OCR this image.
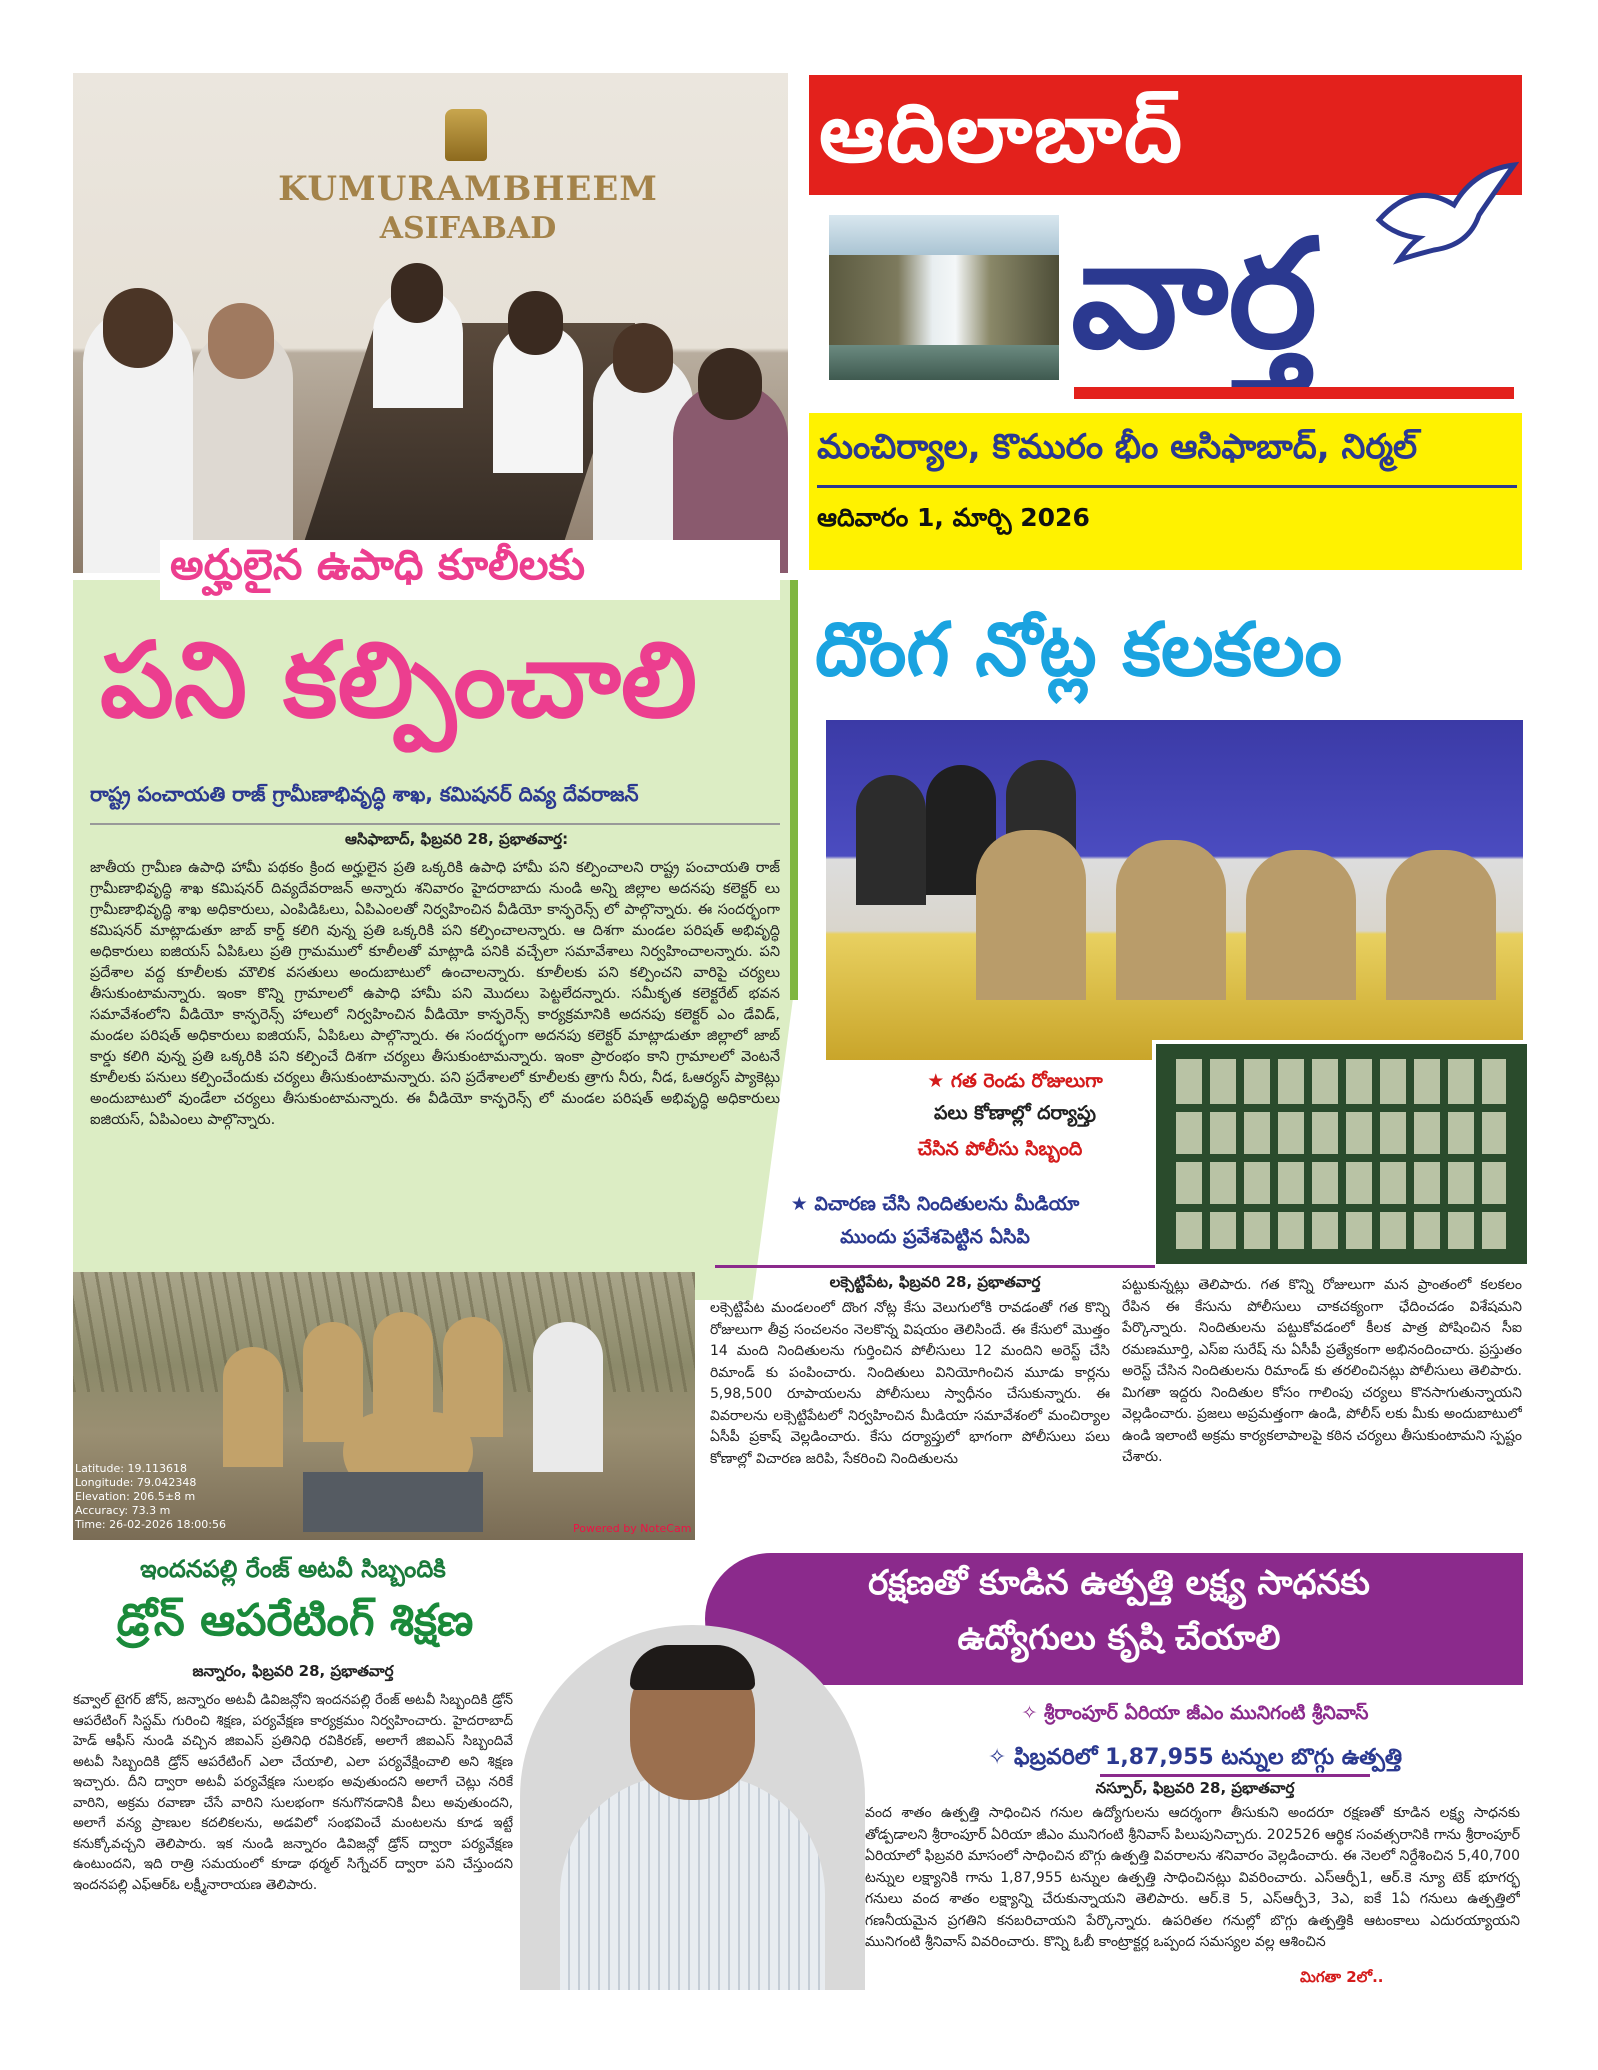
KUMURAMBHEEM
ASIFABAD
ఆదిలాబాద్
వార్త
మంచిర్యాల, కొమురం భీం ఆసిఫాబాద్, నిర్మల్
ఆదివారం 1, మార్చి 2026
అర్హులైన ఉపాధి కూలీలకు
పని కల్పించాలి
రాష్ట్ర పంచాయతి రాజ్ గ్రామీణాభివృద్ధి శాఖ, కమిషనర్ దివ్య దేవరాజన్
ఆసిఫాబాద్, ఫిబ్రవరి 28, ప్రభాతవార్త:
జాతీయ గ్రామీణ ఉపాధి హామీ పథకం క్రింద అర్హులైన ప్రతి ఒక్కరికి ఉపాధి హామీ పని కల్పించాలని రాష్ట్ర పంచాయతి రాజ్ గ్రామీణాభివృద్ధి శాఖ కమిషనర్ దివ్యదేవరాజన్ అన్నారు శనివారం హైదరాబాదు నుండి అన్ని జిల్లాల అదనపు కలెక్టర్ లు గ్రామీణాభివృద్ధి శాఖ అధికారులు, ఎంపిడిఓలు, ఏపిఎంలతో నిర్వహించిన వీడియో కాన్ఫరెన్స్ లో పాల్గొన్నారు. ఈ సందర్భంగా కమిషనర్ మాట్లాడుతూ జాబ్ కార్డ్ కలిగి వున్న ప్రతి ఒక్కరికి పని కల్పించాలన్నారు. ఆ దిశగా మండల పరిషత్ అభివృద్ధి అధికారులు ఐజియస్ ఏపిఓలు ప్రతి గ్రామములో కూలీలతో మాట్లాడి పనికి వచ్చేలా సమావేశాలు నిర్వహించాలన్నారు. పని ప్రదేశాల వద్ద కూలీలకు మౌలిక వసతులు అందుబాటులో ఉంచాలన్నారు. కూలీలకు పని కల్పించని వారిపై చర్యలు తీసుకుంటామన్నారు. ఇంకా కొన్ని గ్రామాలలో ఉపాధి హామీ పని మొదలు పెట్టలేదన్నారు. సమీకృత కలెక్టరేట్ భవన సమావేశంలోని వీడియో కాన్ఫరెన్స్ హాలులో నిర్వహించిన వీడియో కాన్ఫరెన్స్ కార్యక్రమానికి అదనపు కలెక్టర్ ఎం డేవిడ్, మండల పరిషత్ అధికారులు ఐజియస్, ఏపిఓలు పాల్గొన్నారు. ఈ సందర్భంగా అదనపు కలెక్టర్ మాట్లాడుతూ జిల్లాలో జాబ్ కార్డు కలిగి వున్న ప్రతి ఒక్కరికి పని కల్పించే దిశగా చర్యలు తీసుకుంటామన్నారు. ఇంకా ప్రారంభం కాని గ్రామాలలో వెంటనే కూలీలకు పనులు కల్పించేందుకు చర్యలు తీసుకుంటామన్నారు. పని ప్రదేశాలలో కూలీలకు త్రాగు నీరు, నీడ, ఓఆర్యస్ ప్యాకెట్లు అందుబాటులో వుండేలా చర్యలు తీసుకుంటామన్నారు. ఈ వీడియో కాన్ఫరెన్స్ లో మండల పరిషత్ అభివృద్ధి అధికారులు ఐజియస్, ఏపిఎంలు పాల్గొన్నారు.
దొంగ నోట్ల కలకలం
★ గత రెండు రోజులుగా
పలు కోణాల్లో దర్యాప్తు
చేసిన పోలీసు సిబ్బంది
★ విచారణ చేసి నిందితులను మీడియా
ముందు ప్రవేశపెట్టిన ఏసిపి
లక్సెట్టిపేట, ఫిబ్రవరి 28, ప్రభాతవార్త
లక్సెట్టిపేట మండలంలో దొంగ నోట్ల కేసు వెలుగులోకి రావడంతో గత కొన్ని రోజులుగా తీవ్ర సంచలనం నెలకొన్న విషయం తెలిసిందే. ఈ కేసులో మొత్తం 14 మంది నిందితులను గుర్తించిన పోలీసులు 12 మందిని అరెస్ట్ చేసి రిమాండ్ కు పంపించారు. నిందితులు వినియోగించిన మూడు కార్లను 5,98,500 రూపాయలను పోలీసులు స్వాధీనం చేసుకున్నారు. ఈ వివరాలను లక్సెట్టిపేటలో నిర్వహించిన మీడియా సమావేశంలో మంచిర్యాల ఏసీపీ ప్రకాష్ వెల్లడించారు. కేసు దర్యాప్తులో భాగంగా పోలీసులు పలు కోణాల్లో విచారణ జరిపి, సేకరించి నిందితులను
పట్టుకున్నట్లు తెలిపారు. గత కొన్ని రోజులుగా మన ప్రాంతంలో కలకలం రేపిన ఈ కేసును పోలీసులు చాకచక్యంగా ఛేదించడం విశేషమని పేర్కొన్నారు. నిందితులను పట్టుకోవడంలో కీలక పాత్ర పోషించిన సీఐ రమణమూర్తి, ఎస్ఐ సురేష్ ను ఏసీపీ ప్రత్యేకంగా అభినందించారు. ప్రస్తుతం అరెస్ట్ చేసిన నిందితులను రిమాండ్ కు తరలించినట్లు పోలీసులు తెలిపారు. మిగతా ఇద్దరు నిందితుల కోసం గాలింపు చర్యలు కొనసాగుతున్నాయని వెల్లడించారు. ప్రజలు అప్రమత్తంగా ఉండి, పోలీస్ లకు మీకు అందుబాటులో ఉండి ఇలాంటి అక్రమ కార్యకలాపాలపై కఠిన చర్యలు తీసుకుంటామని స్పష్టం చేశారు.
Latitude: 19.113618
Longitude: 79.042348
Elevation: 206.5±8 m
Accuracy: 73.3 m
Time: 26-02-2026 18:00:56	Powered by NoteCam
ఇందనపల్లి రేంజ్ అటవీ సిబ్బందికి
డ్రోన్ ఆపరేటింగ్ శిక్షణ
జన్నారం, ఫిబ్రవరి 28, ప్రభాతవార్త
కవ్వాల్ టైగర్ జోన్, జన్నారం అటవీ డివిజన్లోని ఇందనపల్లి రేంజ్ అటవీ సిబ్బందికి డ్రోన్ ఆపరేటింగ్ సిస్టమ్ గురించి శిక్షణ, పర్యవేక్షణ కార్యక్రమం నిర్వహించారు. హైదరాబాద్ హెడ్ ఆఫీస్ నుండి వచ్చిన జిఐఎస్ ప్రతినిధి రవికిరణ్, అలాగే జిఐఎస్ సిబ్బందివే అటవీ సిబ్బందికి డ్రోన్ ఆపరేటింగ్ ఎలా చేయాలి, ఎలా పర్యవేక్షించాలి అని శిక్షణ ఇచ్చారు. దీని ద్వారా అటవీ పర్యవేక్షణ సులభం అవుతుందని అలాగే చెట్లు నరికే వారిని, అక్రమ రవాణా చేసే వారిని సులభంగా కనుగొనడానికి వీలు అవుతుందని, అలాగే వన్య ప్రాణుల కదలికలను, అడవిలో సంభవించే మంటలను కూడ ఇట్టే కనుక్కోవచ్చని తెలిపారు. ఇక నుండి జన్నారం డివిజన్లో డ్రోన్ ద్వారా పర్యవేక్షణ ఉంటుందని, ఇది రాత్రి సమయంలో కూడా థర్మల్ సిగ్నేచర్ ద్వారా పని చేస్తుందని ఇందనపల్లి ఎఫ్ఆర్ఓ లక్ష్మీనారాయణ తెలిపారు.
రక్షణతో కూడిన ఉత్పత్తి లక్ష్య సాధనకు
ఉద్యోగులు కృషి చేయాలి
✧ శ్రీరాంపూర్ ఏరియా జీఎం మునిగంటి శ్రీనివాస్
✧ ఫిబ్రవరిలో 1,87,955 టన్నుల బొగ్గు ఉత్పత్తి
నస్పూర్, ఫిబ్రవరి 28, ప్రభాతవార్త
వంద శాతం ఉత్పత్తి సాధించిన గనుల ఉద్యోగులను ఆదర్శంగా తీసుకుని అందరూ రక్షణతో కూడిన లక్ష్య సాధనకు తోడ్పడాలని శ్రీరాంపూర్ ఏరియా జీఎం మునిగంటి శ్రీనివాస్ పిలుపునిచ్చారు. 202526 ఆర్థిక సంవత్సరానికి గాను శ్రీరాంపూర్ ఏరియాలో ఫిబ్రవరి మాసంలో సాధించిన బొగ్గు ఉత్పత్తి వివరాలను శనివారం వెల్లడించారు. ఈ నెలలో నిర్దేశించిన 5,40,700 టన్నుల లక్ష్యానికి గాను 1,87,955 టన్నుల ఉత్పత్తి సాధించినట్లు వివరించారు. ఎస్ఆర్పీ1, ఆర్.కె న్యూ టెక్ భూగర్భ గనులు వంద శాతం లక్ష్యాన్ని చేరుకున్నాయని తెలిపారు. ఆర్.కె 5, ఎస్ఆర్పీ3, 3ఎ, ఐకే 1ఏ గనులు ఉత్పత్తిలో గణనీయమైన ప్రగతిని కనబరిచాయని పేర్కొన్నారు. ఉపరితల గనుల్లో బొగ్గు ఉత్పత్తికి ఆటంకాలు ఎదురయ్యాయని మునిగంటి శ్రీనివాస్ వివరించారు. కొన్ని ఓబీ కాంట్రాక్టర్ల ఒప్పంద సమస్యల వల్ల ఆశించిన
మిగతా 2లో..
